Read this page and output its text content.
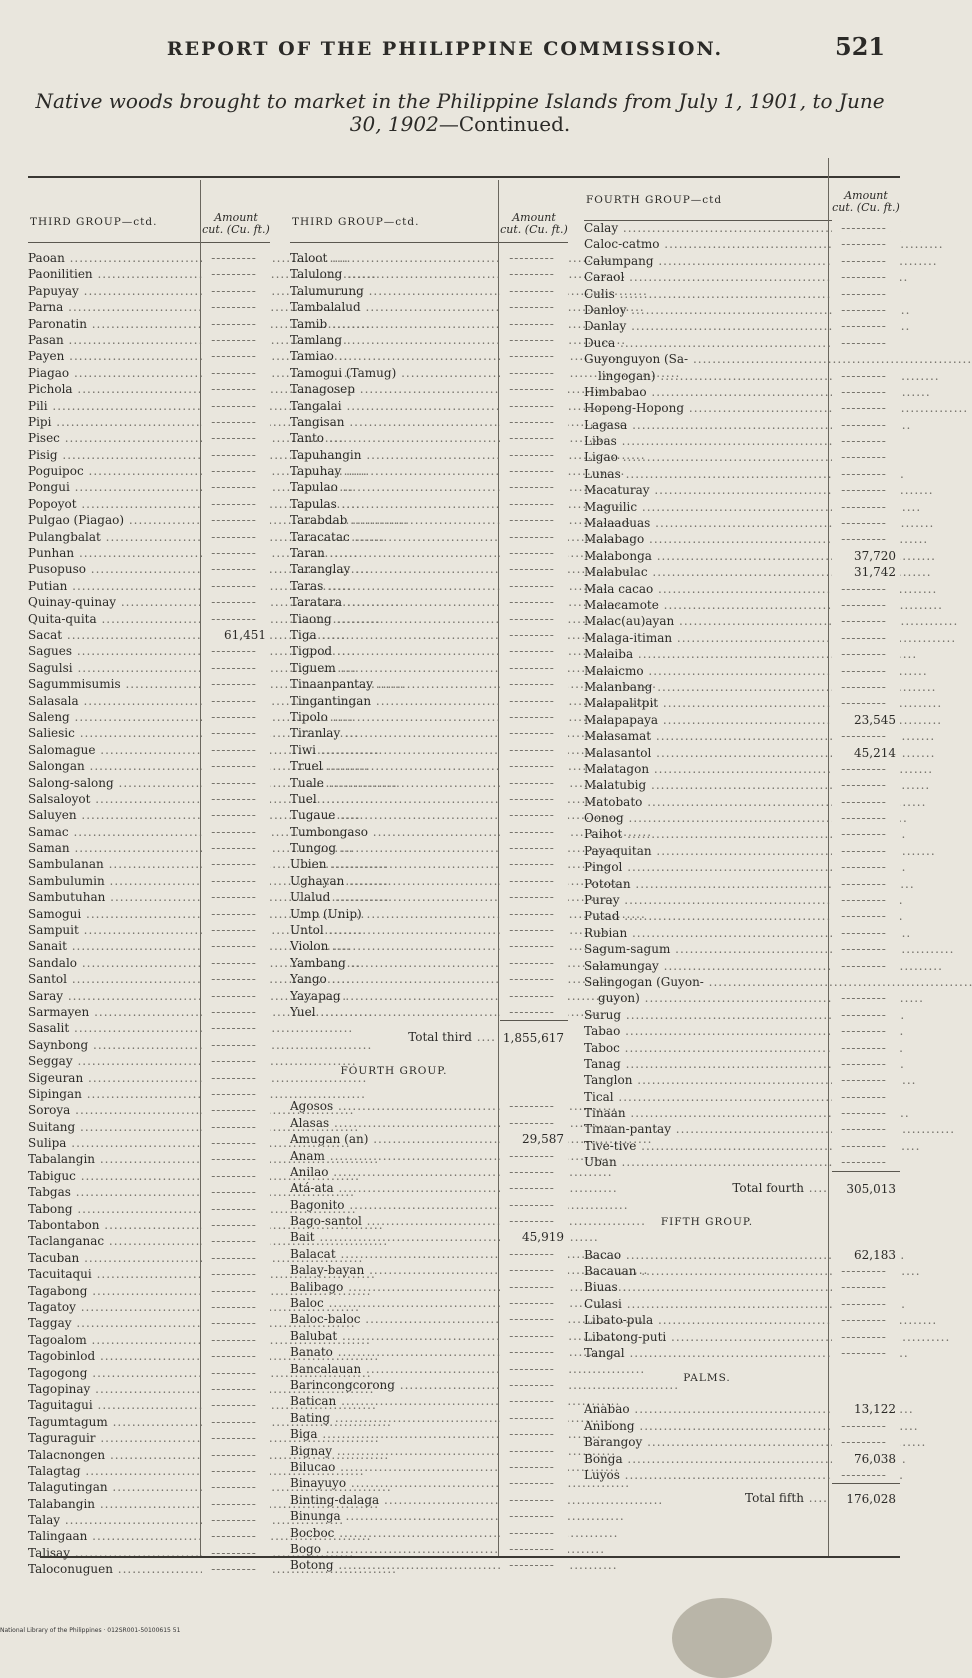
REPORT OF THE PHILIPPINE COMMISSION.	521
Native woods brought to market in the Philippine Islands from July 1, 1901, to June 30, 1902—Continued.
THIRD GROUP—ctd.	Amount cut. (Cu. ft.)
Paoan .....	---------
Paonilitien .....	---------
Papuyay .....	---------
Parna .....	---------
Paronatin .....	---------
Pasan .....	---------
Payen .....	---------
Piagao .....	---------
Pichola .....	---------
Pili .....	---------
Pipi .....	---------
Pisec .....	---------
Pisig .....	---------
Poguipoc .....	---------
Pongui .....	---------
Popoyot .....	---------
Pulgao (Piagao) .....	---------
Pulangbalat .....	---------
Punhan .....	---------
Pusopuso .....	---------
Putian .....	---------
Quinay-quinay .....	---------
Quita-quita .....	---------
Sacat .....	61,451
Sagues .....	---------
Sagulsi .....	---------
Sagummisumis .....	---------
Salasala .....	---------
Saleng .....	---------
Saliesic .....	---------
Salomague .....	---------
Salongan .....	---------
Salong-salong .....	---------
Salsaloyot .....	---------
Saluyen .....	---------
Samac .....	---------
Saman .....	---------
Sambulanan .....	---------
Sambulumin .....	---------
Sambutuhan .....	---------
Samogui .....	---------
Sampuit .....	---------
Sanait .....	---------
Sandalo .....	---------
Santol .....	---------
Saray .....	---------
Sarmayen .....	---------
Sasalit .....	---------
Saynbong .....	---------
Seggay .....	---------
Sigeuran .....	---------
Sipingan .....	---------
Soroya .....	---------
Suitang .....	---------
Sulipa .....	---------
Tabalangin .....	---------
Tabiguc .....	---------
Tabgas .....	---------
Tabong .....	---------
Tabontabon .....	---------
Taclanganac .....	---------
Tacuban .....	---------
Tacuitaqui .....	---------
Tagabong .....	---------
Tagatoy .....	---------
Taggay .....	---------
Tagoalom .....	---------
Tagobinlod .....	---------
Tagogong .....	---------
Tagopinay .....	---------
Taguitagui .....	---------
Tagumtagum .....	---------
Taguraguir .....	---------
Talacnongen .....	---------
Talagtag .....	---------
Talagutingan .....	---------
Talabangin .....	---------
Talay .....	---------
Talingaan .....	---------
Talisay .....	---------
Taloconuguen .....	---------
THIRD GROUP—ctd.	Amount cut. (Cu. ft.)
Taloot .....	---------
Talulong .....	---------
Talumurung .....	---------
Tambalalud .....	---------
Tamib .....	---------
Tamlang .....	---------
Tamiao .....	---------
Tamogui (Tamug) .....	---------
Tanagosep .....	---------
Tangalai .....	---------
Tangisan .....	---------
Tanto .....	---------
Tapuhangin .....	---------
Tapuhay .....	---------
Tapulao .....	---------
Tapulas .....	---------
Tarabdab .....	---------
Taracatac .....	---------
Taran .....	---------
Taranglay .....	---------
Taras .....	---------
Taratara .....	---------
Tiaong .....	---------
Tiga .....	---------
Tigpod .....	---------
Tiguem .....	---------
Tinaanpantay .....	---------
Tingantingan .....	---------
Tipolo .....	---------
Tiranlay .....	---------
Tiwi .....	---------
Truel .....	---------
Tuale .....	---------
Tuel .....	---------
Tugaue .....	---------
Tumbongaso .....	---------
Tungog .....	---------
Ubien .....	---------
Ughayan .....	---------
Ulalud .....	---------
Ump (Unip) .....	---------
Untol .....	---------
Violon .....	---------
Yambang .....	---------
Yango .....	---------
Yayapag .....	---------
Yuel .....	---------
Total third ....	1,855,617
FOURTH GROUP.
Agosos .....	---------
Alasas .....	---------
Amugan (an) .....	29,587
Anam .....	---------
Anilao .....	---------
Atá-ata .....	---------
Bagonito .....	---------
Bago-santol .....	---------
Bait .....	45,919
Balacat .....	---------
Balay-bayan .....	---------
Balibago .....	---------
Baloc .....	---------
Baloc-baloc .....	---------
Balubat .....	---------
Banato .....	---------
Bancalauan .....	---------
Barincongcorong .....	---------
Batican .....	---------
Bating .....	---------
Biga .....	---------
Bignay .....	---------
Bilucao .....	---------
Binayuyo .....	---------
Binting-dalaga .....	---------
Binunga .....	---------
Bocboc .....	---------
Bogo .....	---------
Botong .....	---------
FOURTH GROUP—ctd	Amount cut. (Cu. ft.)
Calay .....	---------
Caloc-catmo .....	---------
Calumpang .....	---------
Caraol .....	---------
Culis .....	---------
Danloy .....	---------
Danlay .....	---------
Duca .....	---------
Guyonguyon (Sa- .....
lingogan) .....	---------
Himbabao .....	---------
Hopong-Hopong .....	---------
Lagasa .....	---------
Libas .....	---------
Ligao .....	---------
Lunas .....	---------
Macaturay .....	---------
Maguilic .....	---------
Malaaduas .....	---------
Malabago .....	---------
Malabonga .....	37,720
Malabulac .....	31,742
Mala cacao .....	---------
Malacamote .....	---------
Malac(au)ayan .....	---------
Malaga-itiman .....	---------
Malaiba .....	---------
Malaicmo .....	---------
Malanbang .....	---------
Malapalitpit .....	---------
Malapapaya .....	23,545
Malasamat .....	---------
Malasantol .....	45,214
Malatagon .....	---------
Malatubig .....	---------
Matobato .....	---------
Oonog .....	---------
Paihot .....	---------
Payaquitan .....	---------
Pingol .....	---------
Pototan .....	---------
Puray .....	---------
Putad .....	---------
Rubian .....	---------
Sagum-sagum .....	---------
Salamungay .....	---------
Salingogan (Guyon- .....
guyon) .....	---------
Surug .....	---------
Tabao .....	---------
Taboc .....	---------
Tanag .....	---------
Tanglon .....	---------
Tical .....	---------
Tinaan .....	---------
Tinaan-pantay .....	---------
Tive-tive .....	---------
Uban .....	---------
Total fourth ....	305,013
FIFTH GROUP.
Bacao .....	62,183
Bacauan .....	---------
Biuas .....	---------
Culasi .....	---------
Libato-pula .....	---------
Libatong-puti .....	---------
Tangal .....	---------
PALMS.
Anabao .....	13,122
Anibong .....	---------
Barangoy .....	---------
Bonga .....	76,038
Luyos .....	---------
Total fifth ....	176,028
National Library of the Philippines · 012SR001-50100615 51
